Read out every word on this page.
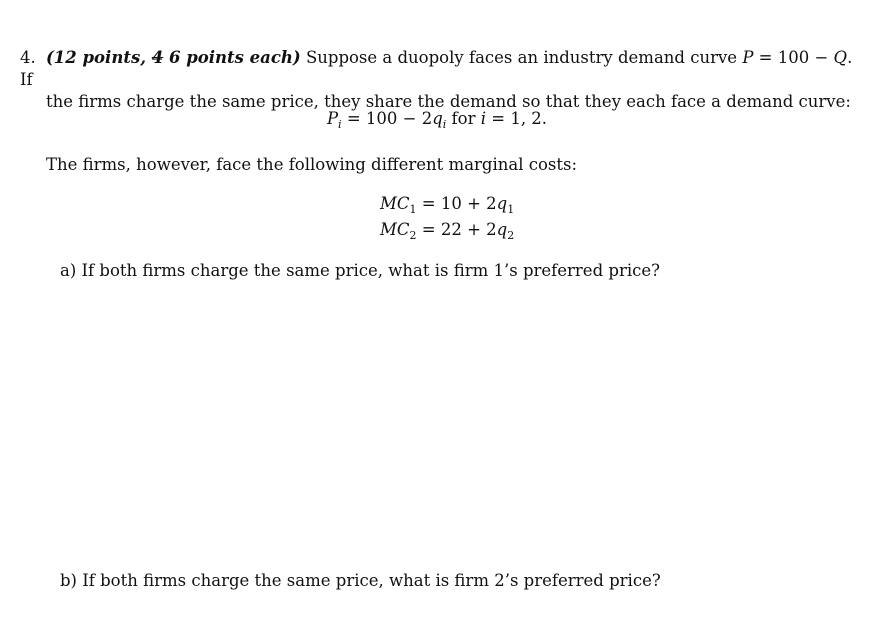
4. (12 points, 4 6 points each) Suppose a duopoly faces an industry demand curve P = 100 − Q. If
the firms charge the same price, they share the demand so that they each face a demand curve:
$P_i = 100 - 2q_i$ for i = 1, 2.
The firms, however, face the following different marginal costs:
$MC_1 = 10 + 2q_1$
$MC_2 = 22 + 2q_2$
a) If both firms charge the same price, what is firm 1’s preferred price?
b) If both firms charge the same price, what is firm 2’s preferred price?
